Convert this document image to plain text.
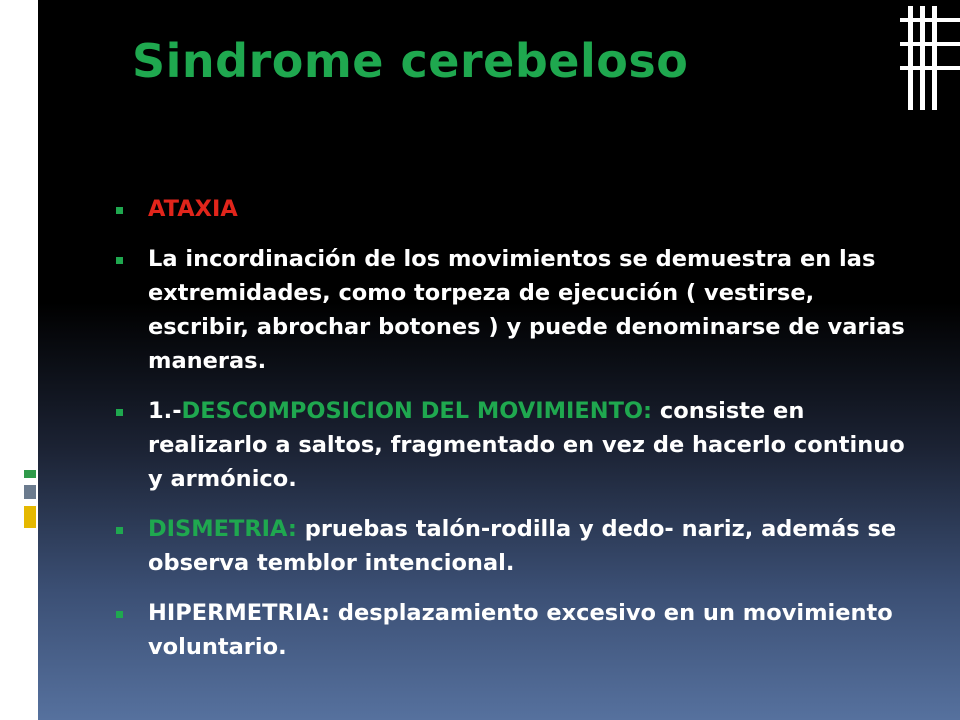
Sindrome cerebeloso
ATAXIA
La incordinación de los movimientos se demuestra en las extremidades, como torpeza de ejecución ( vestirse, escribir, abrochar botones ) y puede denominarse de varias maneras.
1.-DESCOMPOSICION DEL MOVIMIENTO: consiste en realizarlo a saltos, fragmentado en vez de hacerlo continuo y armónico.
DISMETRIA: pruebas talón-rodilla y dedo- nariz, además se observa temblor intencional.
HIPERMETRIA: desplazamiento excesivo en un movimiento voluntario.
